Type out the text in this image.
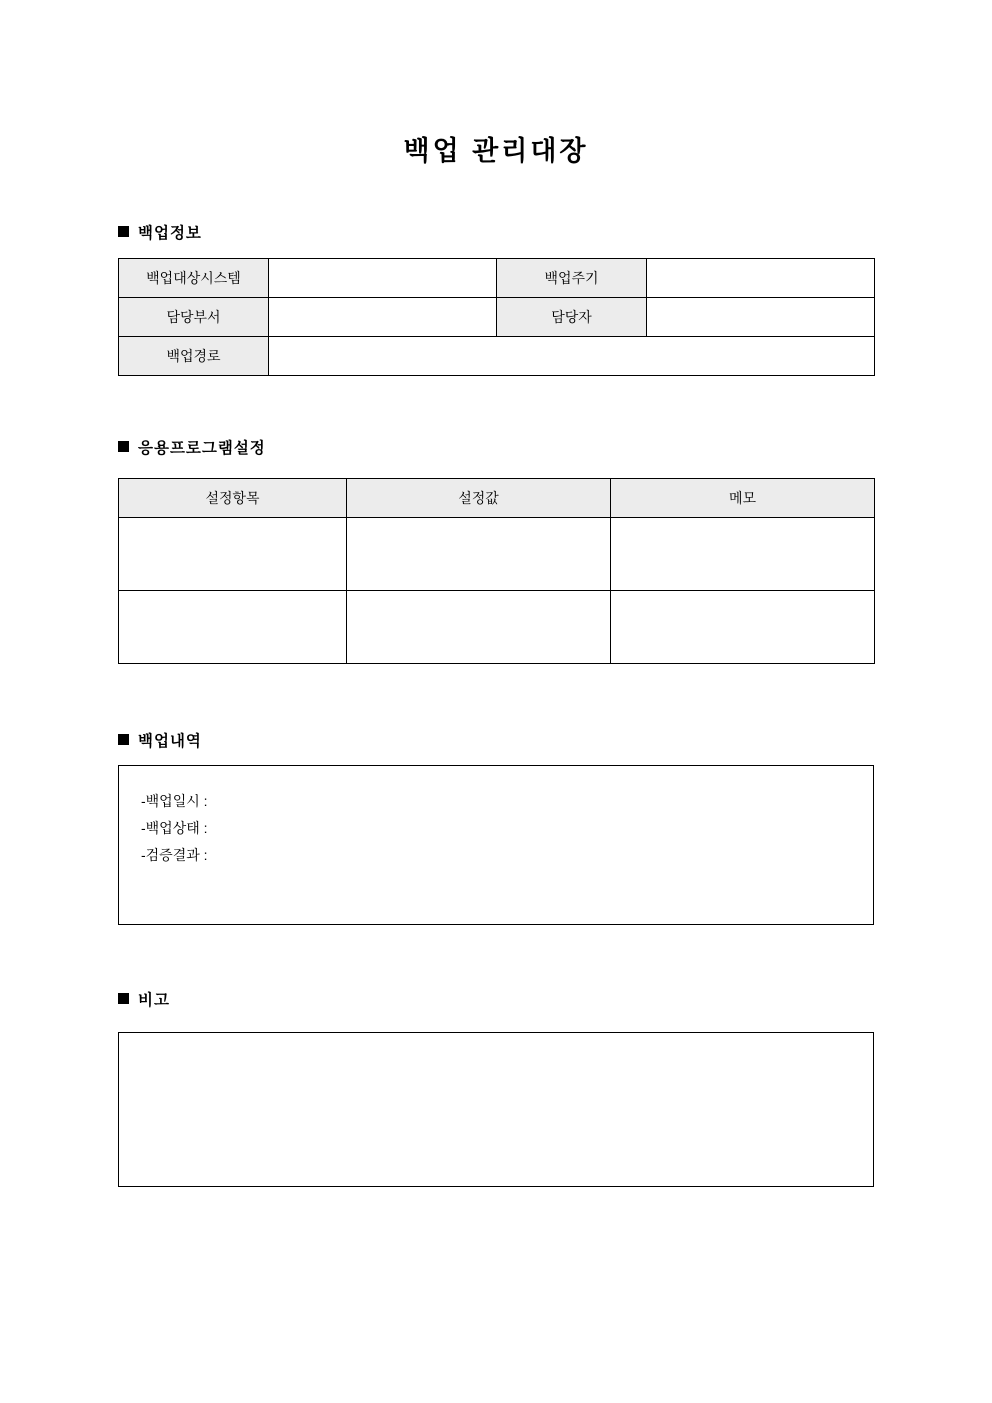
백업 관리대장
백업정보
백업대상시스템		백업주기	
담당부서		담당자	
백업경로			
응용프로그램설정
설정항목	설정값	메모

백업내역
-백업일시 :
-백업상태 :
-검증결과 :
비고
